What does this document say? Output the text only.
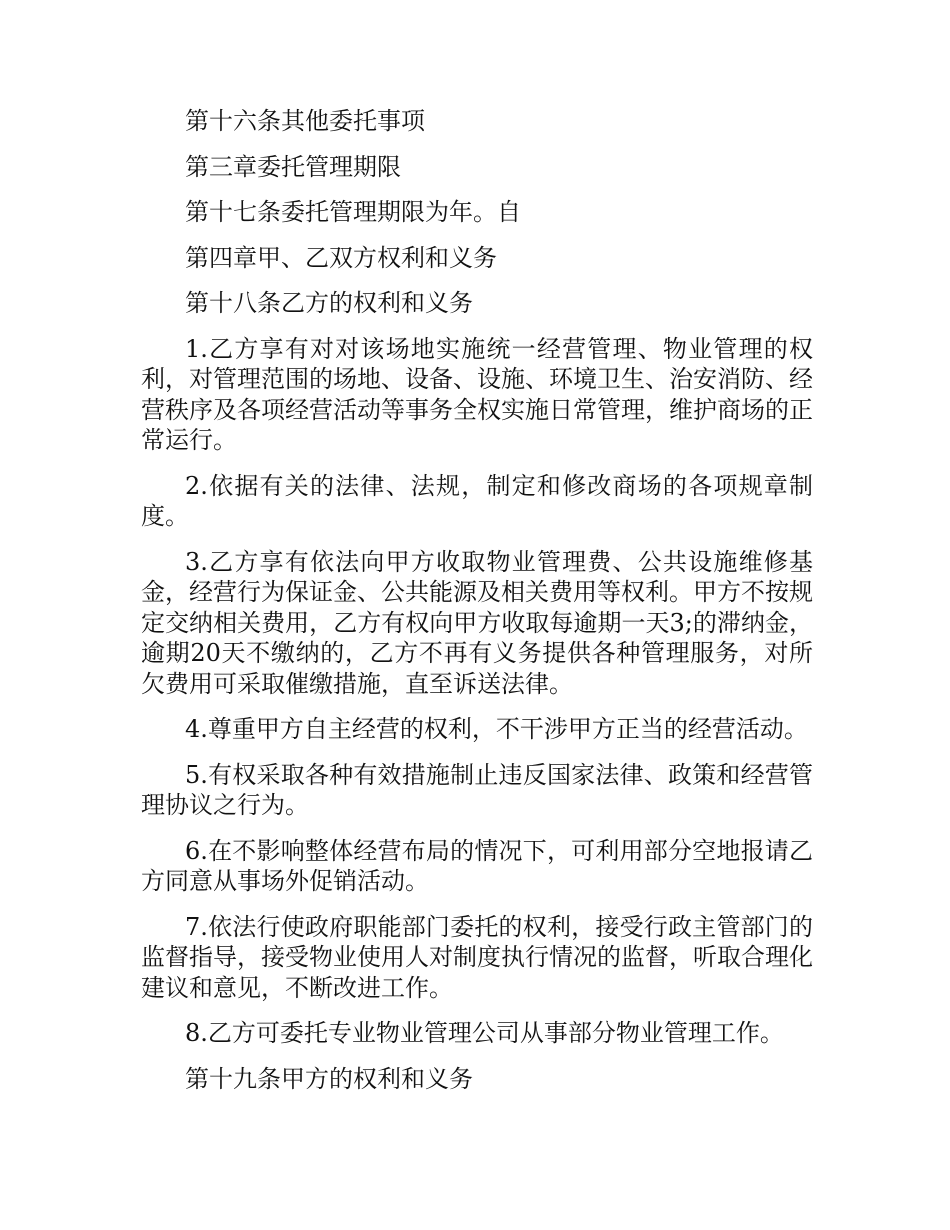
第十六条其他委托事项

第三章委托管理期限

第十七条委托管理期限为年。自

第四章甲、乙双方权利和义务

第十八条乙方的权利和义务

1.乙方享有对对该场地实施统一经营管理、物业管理的权利，对管理范围的场地、设备、设施、环境卫生、治安消防、经营秩序及各项经营活动等事务全权实施日常管理，维护商场的正常运行。

2.依据有关的法律、法规，制定和修改商场的各项规章制度。

3.乙方享有依法向甲方收取物业管理费、公共设施维修基金，经营行为保证金、公共能源及相关费用等权利。甲方不按规定交纳相关费用，乙方有权向甲方收取每逾期一天3;的滞纳金，逾期20天不缴纳的，乙方不再有义务提供各种管理服务，对所欠费用可采取催缴措施，直至诉送法律。

4.尊重甲方自主经营的权利，不干涉甲方正当的经营活动。

5.有权采取各种有效措施制止违反国家法律、政策和经营管理协议之行为。

6.在不影响整体经营布局的情况下，可利用部分空地报请乙方同意从事场外促销活动。

7.依法行使政府职能部门委托的权利，接受行政主管部门的监督指导，接受物业使用人对制度执行情况的监督，听取合理化建议和意见，不断改进工作。

8.乙方可委托专业物业管理公司从事部分物业管理工作。

第十九条甲方的权利和义务
